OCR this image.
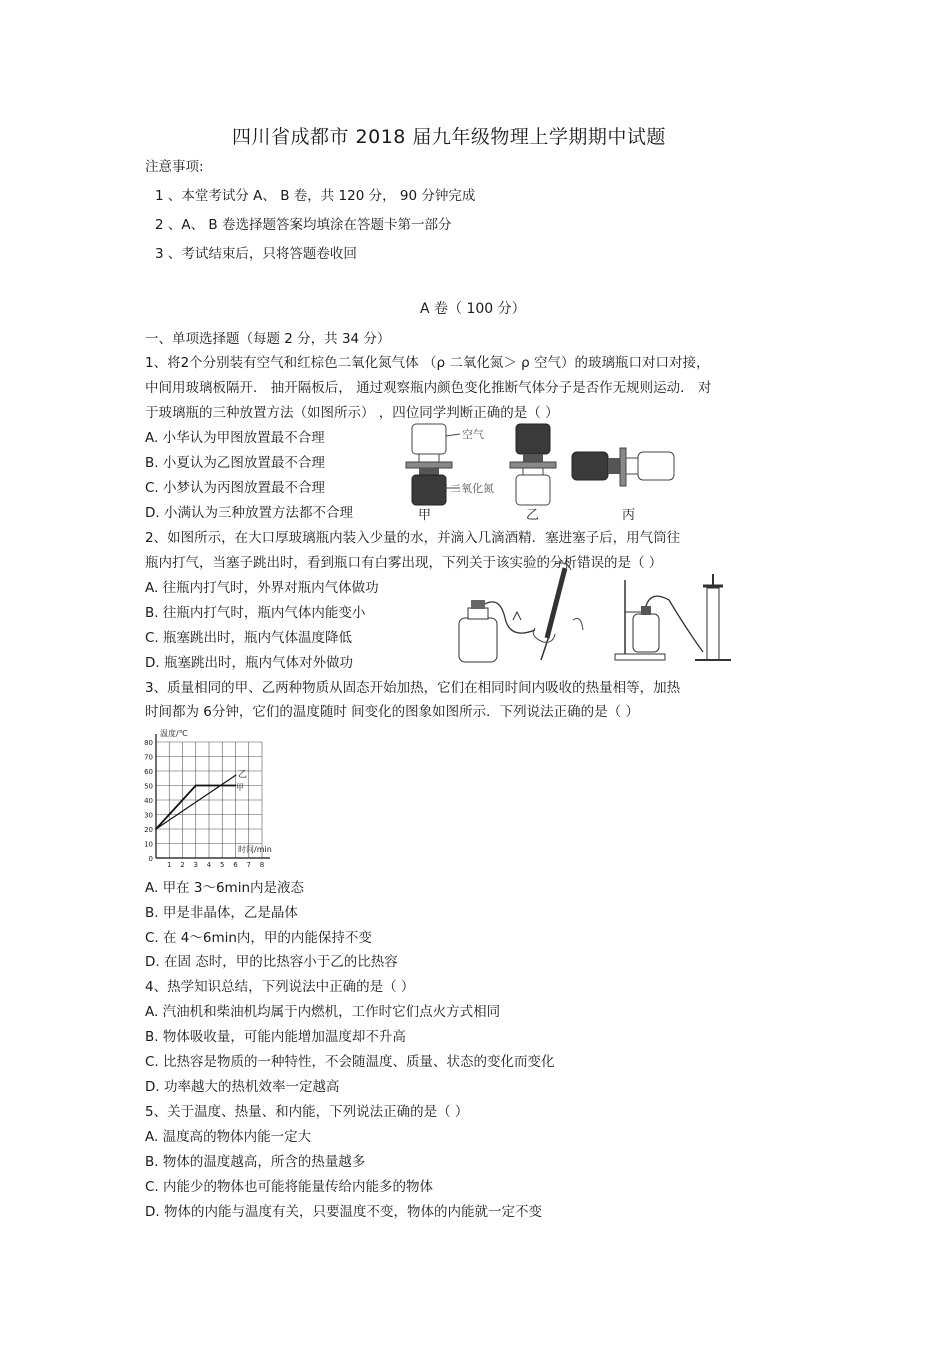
四川省成都市 2018 届九年级物理上学期期中试题
注意事项:
1 、本堂考试分 A、 B 卷，共 120 分， 90 分钟完成
2 、A、 B 卷选择题答案均填涂在答题卡第一部分
3 、考试结束后，只将答题卷收回
A 卷（ 100 分）
一、单项选择题（每题 2 分，共 34 分）
1、将2个分别装有空气和红棕色二氧化氮气体 （ρ 二氧化氮＞ ρ 空气）的玻璃瓶口对口对接，
中间用玻璃板隔开． 抽开隔板后， 通过观察瓶内颜色变化推断气体分子是否作无规则运动． 对
于玻璃瓶的三种放置方法（如图所示） ，四位同学判断正确的是（ ）
A. 小华认为甲图放置最不合理
B. 小夏认为乙图放置最不合理
C. 小梦认为丙图放置最不合理
D. 小满认为三种放置方法都不合理
空气
二氧化氮
甲	乙	丙
2、如图所示，在大口厚玻璃瓶内装入少量的水，并滴入几滴酒精．塞进塞子后，用气筒往
瓶内打气，当塞子跳出时，看到瓶口有白雾出现，下列关于该实验的分析错误的是（ ）
A. 往瓶内打气时，外界对瓶内气体做功
B. 往瓶内打气时，瓶内气体内能变小
C. 瓶塞跳出时，瓶内气体温度降低
D. 瓶塞跳出时，瓶内气体对外做功
3、质量相同的甲、乙两种物质从固态开始加热，它们在相同时间内吸收的热量相等，加热
时间都为 6分钟，它们的温度随时 间变化的图象如图所示．下列说法正确的是（ ）
0
10
20
30
40
50
60
70
80
1 2 3 4 5 6 7 8
温度/℃
时间/min
乙
甲
A. 甲在 3～6min内是液态
B. 甲是非晶体，乙是晶体
C. 在 4～6min内，甲的内能保持不变
D. 在固 态时，甲的比热容小于乙的比热容
4、热学知识总结，下列说法中正确的是（ ）
A. 汽油机和柴油机均属于内燃机，工作时它们点火方式相同
B. 物体吸收量，可能内能增加温度却不升高
C. 比热容是物质的一种特性，不会随温度、质量、状态的变化而变化
D. 功率越大的热机效率一定越高
5、关于温度、热量、和内能，下列说法正确的是（ ）
A. 温度高的物体内能一定大
B. 物体的温度越高，所含的热量越多
C. 内能少的物体也可能将能量传给内能多的物体
D. 物体的内能与温度有关，只要温度不变，物体的内能就一定不变
